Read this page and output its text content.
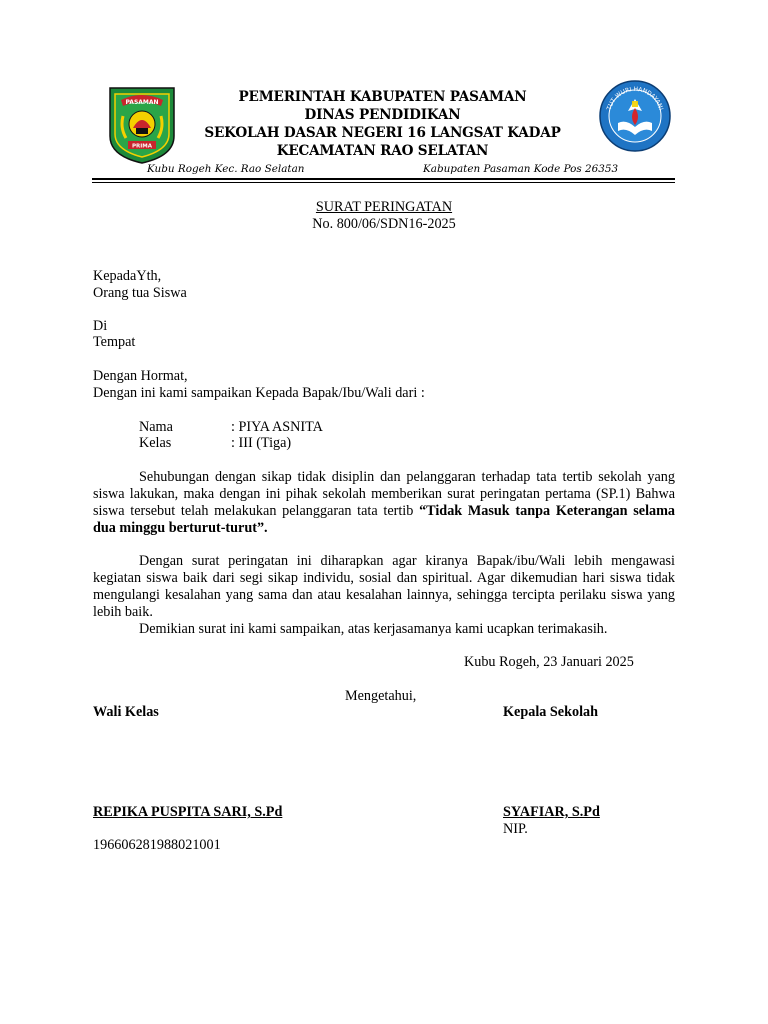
PASAMAN
PRIMA
TUT WURI HANDAYANI
PEMERINTAH KABUPATEN PASAMAN
DINAS PENDIDIKAN
SEKOLAH DASAR NEGERI 16 LANGSAT KADAP
KECAMATAN RAO SELATAN
Kubu Rogeh Kec. Rao Selatan	Kabupaten Pasaman Kode Pos 26353
SURAT PERINGATAN
No. 800/06/SDN16-2025
KepadaYth,
Orang tua Siswa
Di
Tempat
Dengan Hormat,
Dengan ini kami sampaikan Kepada Bapak/Ibu/Wali dari :
Nama	: PIYA ASNITA
Kelas	: III (Tiga)
Sehubungan dengan sikap tidak disiplin dan pelanggaran terhadap tata tertib sekolah yang siswa lakukan, maka dengan ini pihak sekolah memberikan surat peringatan pertama (SP.1) Bahwa siswa tersebut telah melakukan pelanggaran tata tertib “Tidak Masuk tanpa Keterangan selama dua minggu berturut-turut”.
Dengan surat peringatan ini diharapkan agar kiranya Bapak/ibu/Wali lebih mengawasi kegiatan siswa baik dari segi sikap individu, sosial dan spiritual. Agar dikemudian hari siswa tidak mengulangi kesalahan yang sama dan atau kesalahan lainnya, sehingga tercipta perilaku siswa yang lebih baik.
Demikian surat ini kami sampaikan, atas kerjasamanya kami ucapkan terimakasih.
Kubu Rogeh, 23 Januari 2025
Mengetahui,
Wali Kelas	Kepala Sekolah
REPIKA PUSPITA SARI, S.Pd	SYAFIAR, S.Pd
NIP.
196606281988021001
